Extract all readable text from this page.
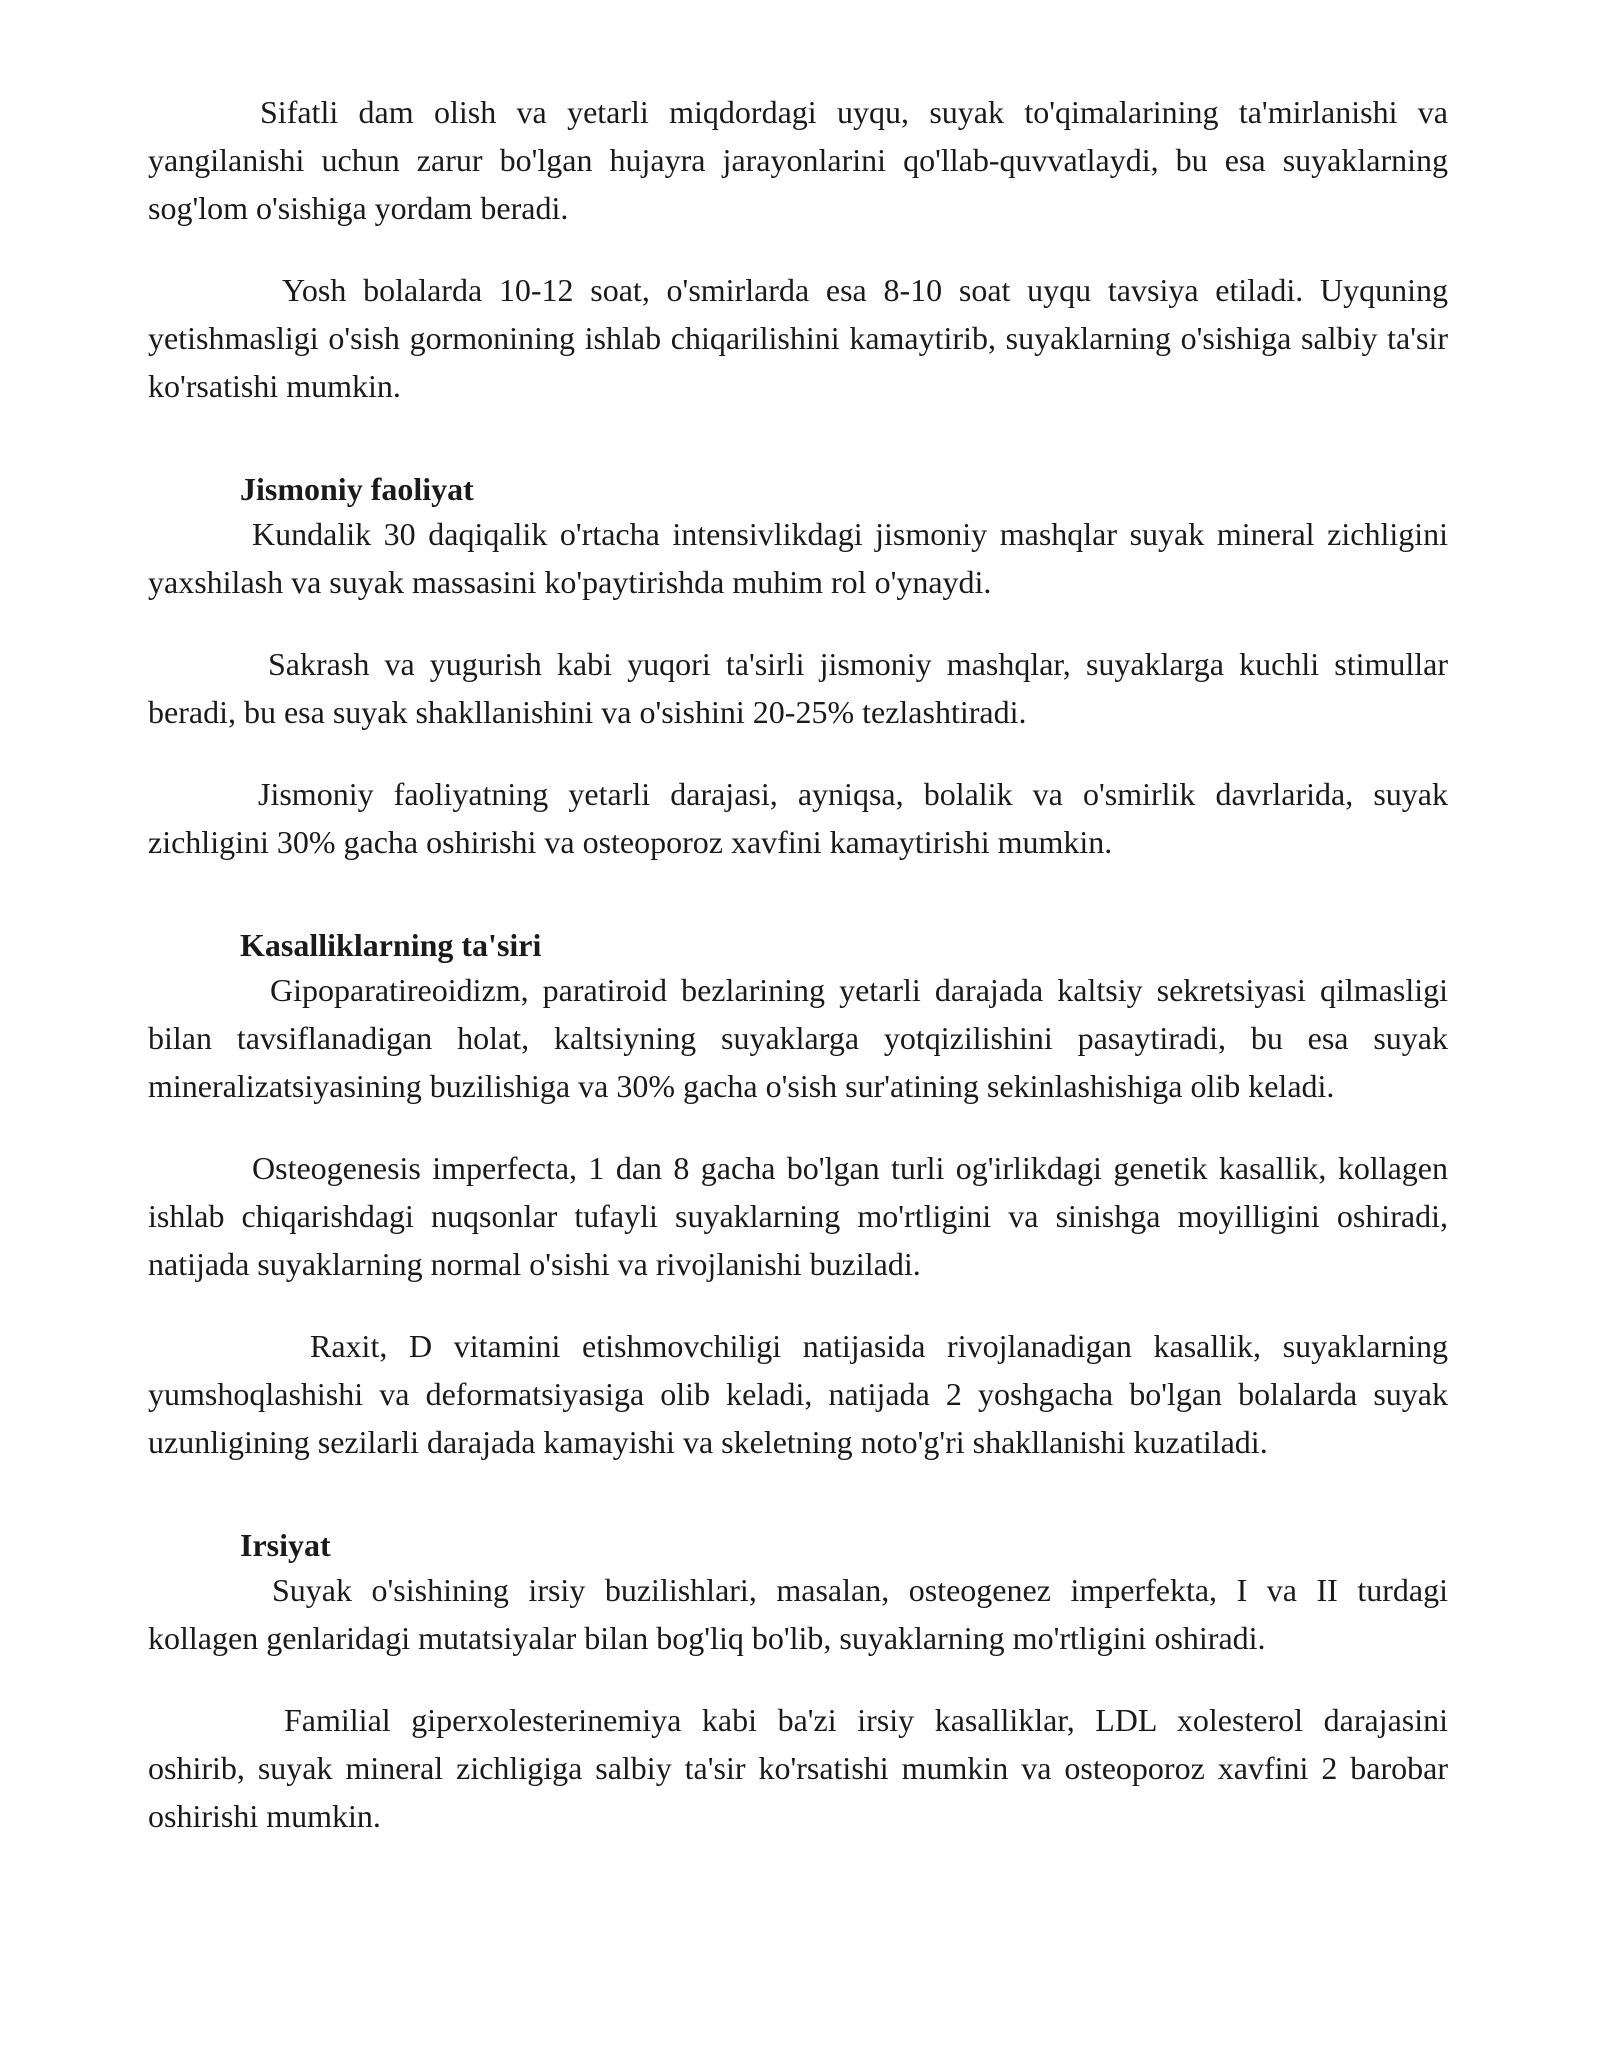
Sifatli dam olish va yetarli miqdordagi uyqu, suyak to'qimalarining ta'mirlanishi va yangilanishi uchun zarur bo'lgan hujayra jarayonlarini qo'llab-quvvatlaydi, bu esa suyaklarning sog'lom o'sishiga yordam beradi.

Yosh bolalarda 10-12 soat, o'smirlarda esa 8-10 soat uyqu tavsiya etiladi. Uyquning yetishmasligi o'sish gormonining ishlab chiqarilishini kamaytirib, suyaklarning o'sishiga salbiy ta'sir ko'rsatishi mumkin.

Jismoniy faoliyat

Kundalik 30 daqiqalik o'rtacha intensivlikdagi jismoniy mashqlar suyak mineral zichligini yaxshilash va suyak massasini ko'paytirishda muhim rol o'ynaydi.

Sakrash va yugurish kabi yuqori ta'sirli jismoniy mashqlar, suyaklarga kuchli stimullar beradi, bu esa suyak shakllanishini va o'sishini 20-25% tezlashtiradi.

Jismoniy faoliyatning yetarli darajasi, ayniqsa, bolalik va o'smirlik davrlarida, suyak zichligini 30% gacha oshirishi va osteoporoz xavfini kamaytirishi mumkin.

Kasalliklarning ta'siri

Gipoparatireoidizm, paratiroid bezlarining yetarli darajada kaltsiy sekretsiyasi qilmasligi bilan tavsiflanadigan holat, kaltsiyning suyaklarga yotqizilishini pasaytiradi, bu esa suyak mineralizatsiyasining buzilishiga va 30% gacha o'sish sur'atining sekinlashishiga olib keladi.

Osteogenesis imperfecta, 1 dan 8 gacha bo'lgan turli og'irlikdagi genetik kasallik, kollagen ishlab chiqarishdagi nuqsonlar tufayli suyaklarning mo'rtligini va sinishga moyilligini oshiradi, natijada suyaklarning normal o'sishi va rivojlanishi buziladi.

Raxit, D vitamini etishmovchiligi natijasida rivojlanadigan kasallik, suyaklarning yumshoqlashishi va deformatsiyasiga olib keladi, natijada 2 yoshgacha bo'lgan bolalarda suyak uzunligining sezilarli darajada kamayishi va skeletning noto'g'ri shakllanishi kuzatiladi.

Irsiyat

Suyak o'sishining irsiy buzilishlari, masalan, osteogenez imperfekta, I va II turdagi kollagen genlaridagi mutatsiyalar bilan bog'liq bo'lib, suyaklarning mo'rtligini oshiradi.

Familial giperxolesterinemiya kabi ba'zi irsiy kasalliklar, LDL xolesterol darajasini oshirib, suyak mineral zichligiga salbiy ta'sir ko'rsatishi mumkin va osteoporoz xavfini 2 barobar oshirishi mumkin.
